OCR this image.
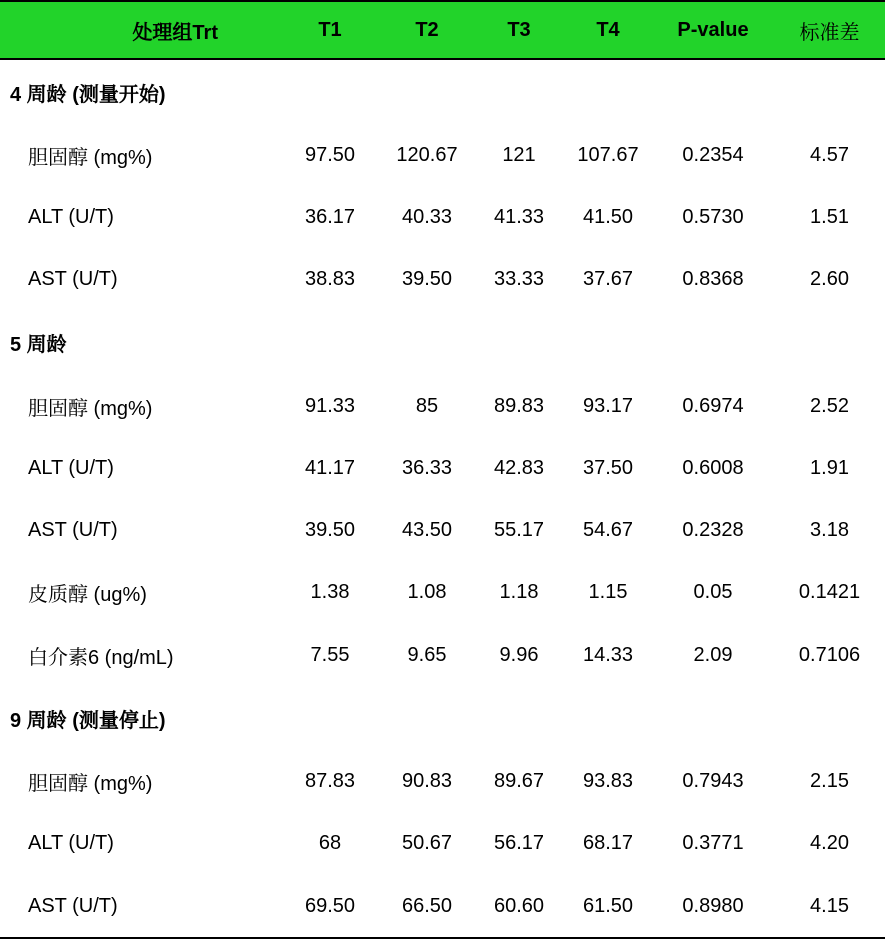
处理组Trt	T1	T2	T3	T4	P-value	标准差
4 周龄 (测量开始)						
胆固醇 (mg%)	97.50	120.67	121	107.67	0.2354	4.57
ALT (U/T)	36.17	40.33	41.33	41.50	0.5730	1.51
AST (U/T)	38.83	39.50	33.33	37.67	0.8368	2.60
5 周龄						
胆固醇 (mg%)	91.33	85	89.83	93.17	0.6974	2.52
ALT (U/T)	41.17	36.33	42.83	37.50	0.6008	1.91
AST (U/T)	39.50	43.50	55.17	54.67	0.2328	3.18
皮质醇 (ug%)	1.38	1.08	1.18	1.15	0.05	0.1421
白介素6 (ng/mL)	7.55	9.65	9.96	14.33	2.09	0.7106
9 周龄 (测量停止)						
胆固醇 (mg%)	87.83	90.83	89.67	93.83	0.7943	2.15
ALT (U/T)	68	50.67	56.17	68.17	0.3771	4.20
AST (U/T)	69.50	66.50	60.60	61.50	0.8980	4.15
